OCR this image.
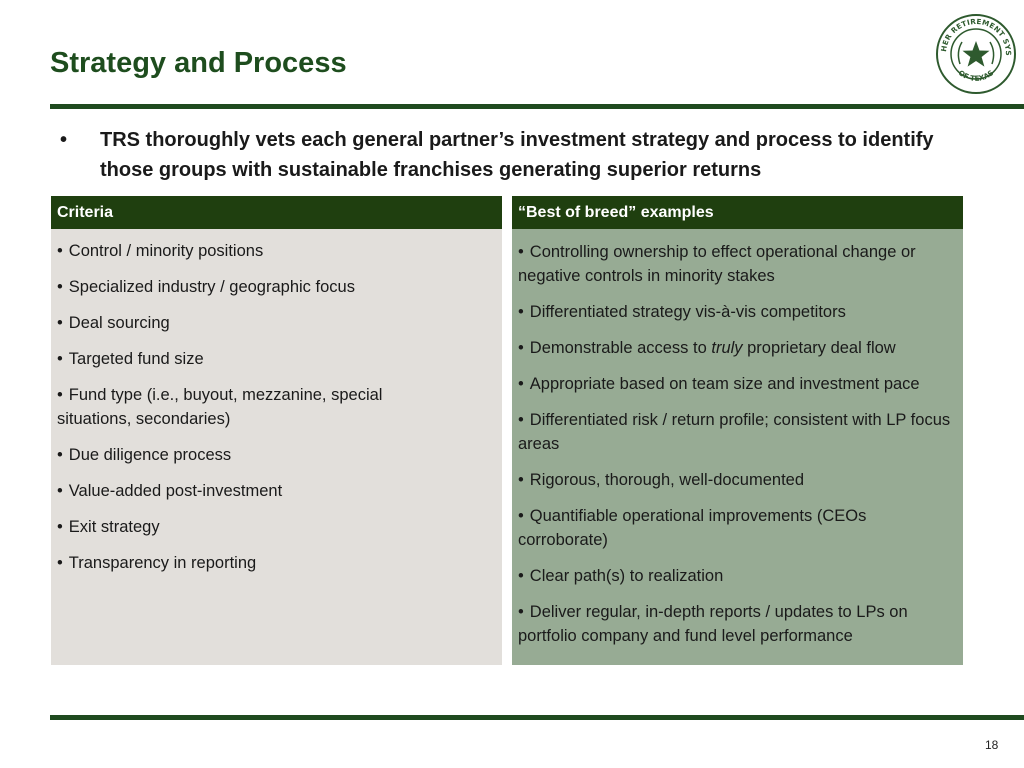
Strategy and Process	HER RETIREMENT SYS
OF TEXAS
• TRS thoroughly vets each general partner’s investment strategy and process to identify those groups with sustainable franchises generating superior returns
Criteria
• Control / minority positions
• Specialized industry / geographic focus
• Deal sourcing
• Targeted fund size
• Fund type (i.e., buyout, mezzanine, special situations, secondaries)
• Due diligence process
• Value-added post-investment
• Exit strategy
• Transparency in reporting
“Best of breed” examples
• Controlling ownership to effect operational change or negative controls in minority stakes
• Differentiated strategy vis-à-vis competitors
• Demonstrable access to truly proprietary deal flow
• Appropriate based on team size and investment pace
• Differentiated risk / return profile; consistent with LP focus areas
• Rigorous, thorough, well-documented
• Quantifiable operational improvements (CEOs corroborate)
• Clear path(s) to realization
• Deliver regular, in-depth reports / updates to LPs on portfolio company and fund level performance
18
